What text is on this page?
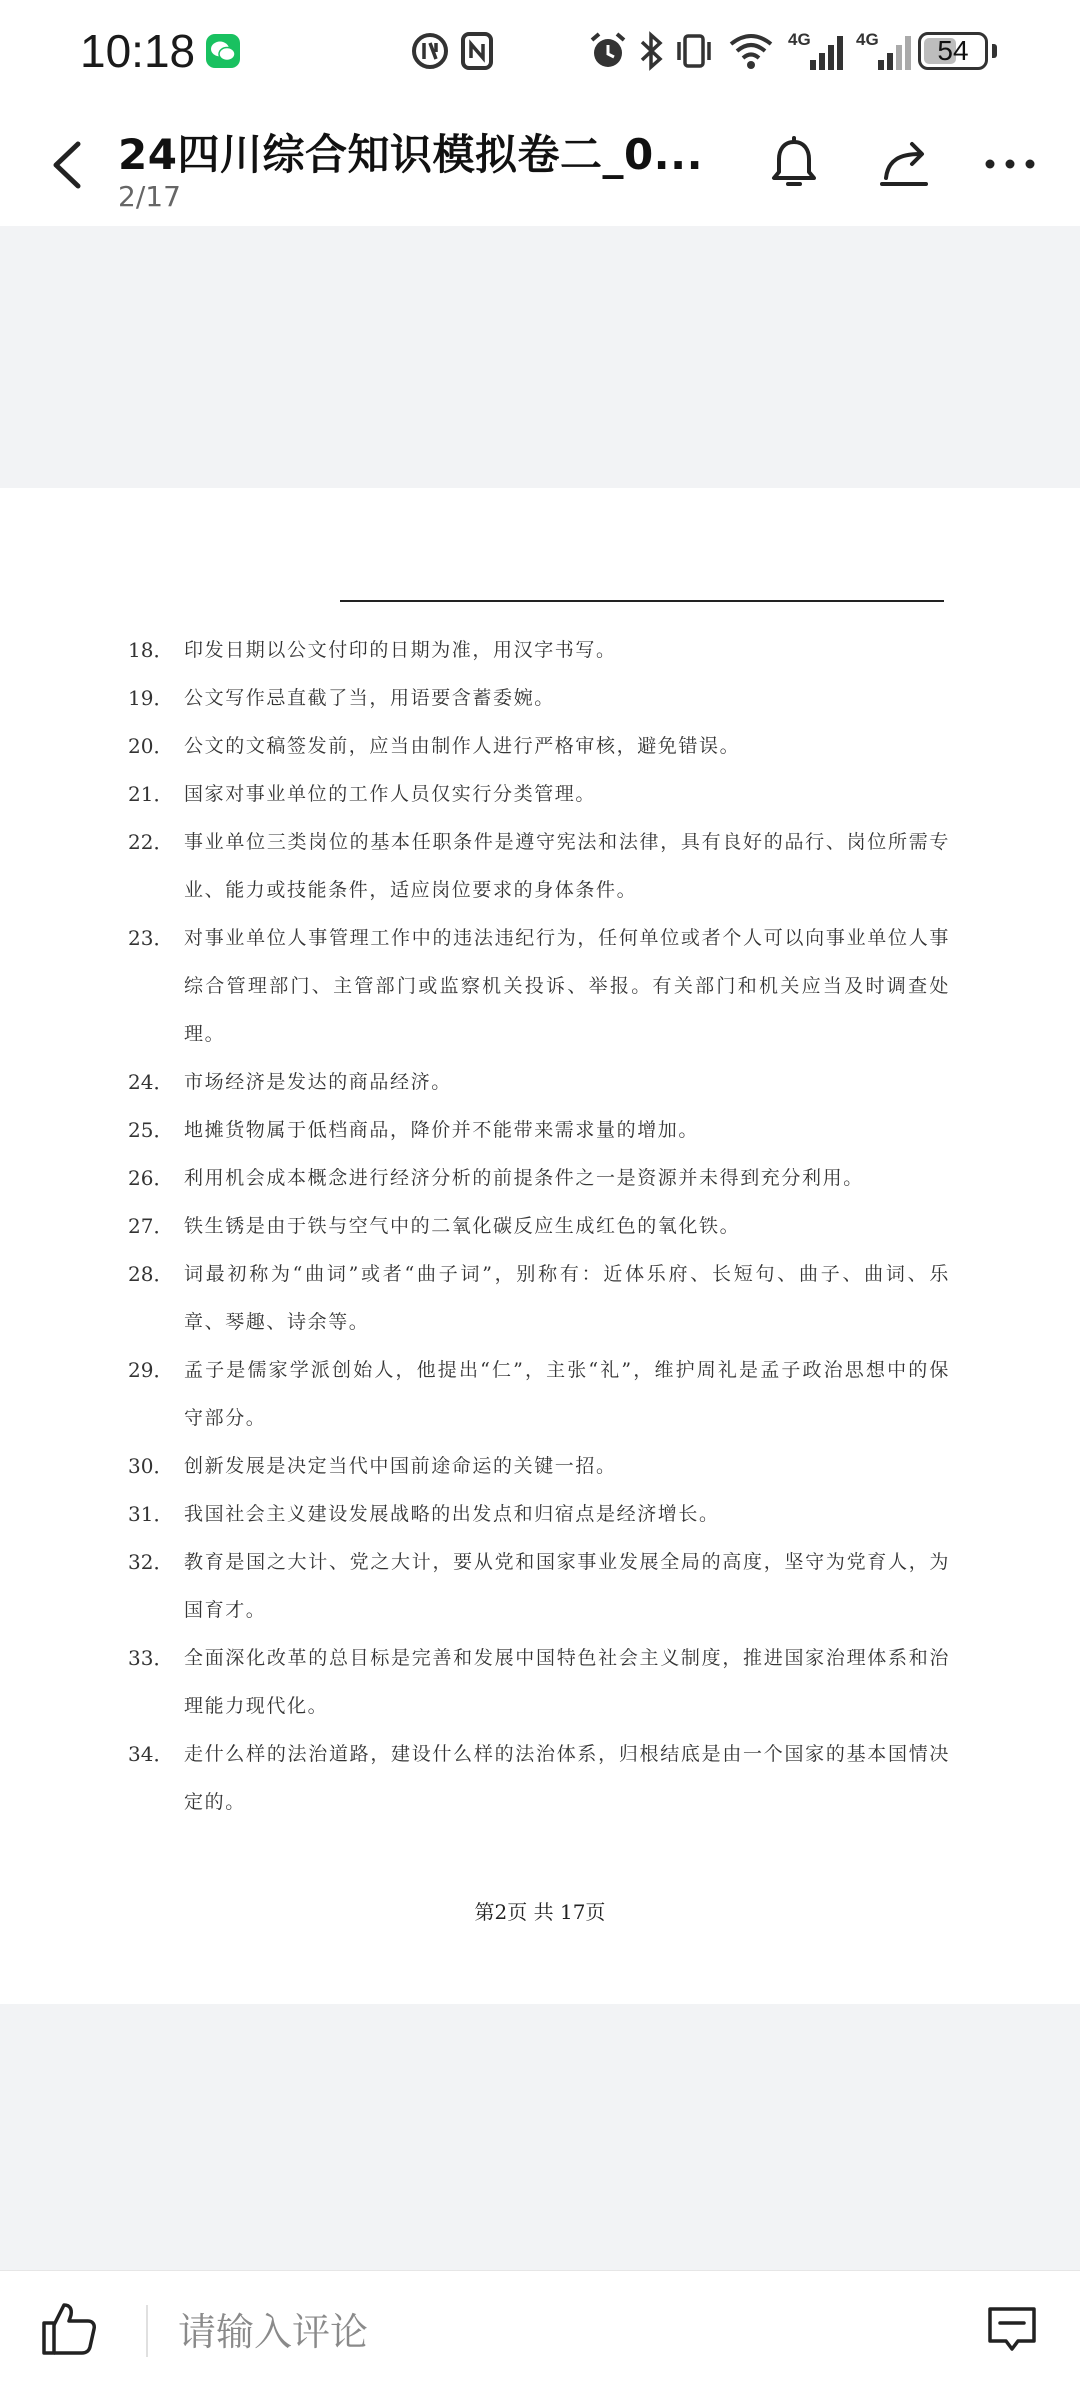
10:18	4G	4G	54
24四川综合知识模拟卷二_0...
2/17
18． 印发日期以公文付印的日期为准，用汉字书写。
19． 公文写作忌直截了当，用语要含蓄委婉。
20． 公文的文稿签发前，应当由制作人进行严格审核，避免错误。
21． 国家对事业单位的工作人员仅实行分类管理。
22． 事业单位三类岗位的基本任职条件是遵守宪法和法律，具有良好的品行、岗位所需专业、能力或技能条件，适应岗位要求的身体条件。
23． 对事业单位人事管理工作中的违法违纪行为，任何单位或者个人可以向事业单位人事综合管理部门、主管部门或监察机关投诉、举报。有关部门和机关应当及时调查处理。
24． 市场经济是发达的商品经济。
25． 地摊货物属于低档商品，降价并不能带来需求量的增加。
26． 利用机会成本概念进行经济分析的前提条件之一是资源并未得到充分利用。
27． 铁生锈是由于铁与空气中的二氧化碳反应生成红色的氧化铁。
28． 词最初称为“曲词”或者“曲子词”，别称有：近体乐府、长短句、曲子、曲词、乐章、琴趣、诗余等。
29． 孟子是儒家学派创始人，他提出“仁”，主张“礼”，维护周礼是孟子政治思想中的保守部分。
30． 创新发展是决定当代中国前途命运的关键一招。
31． 我国社会主义建设发展战略的出发点和归宿点是经济增长。
32． 教育是国之大计、党之大计，要从党和国家事业发展全局的高度，坚守为党育人，为国育才。
33． 全面深化改革的总目标是完善和发展中国特色社会主义制度，推进国家治理体系和治理能力现代化。
34． 走什么样的法治道路，建设什么样的法治体系，归根结底是由一个国家的基本国情决定的。
第2页 共 17页
请输入评论
